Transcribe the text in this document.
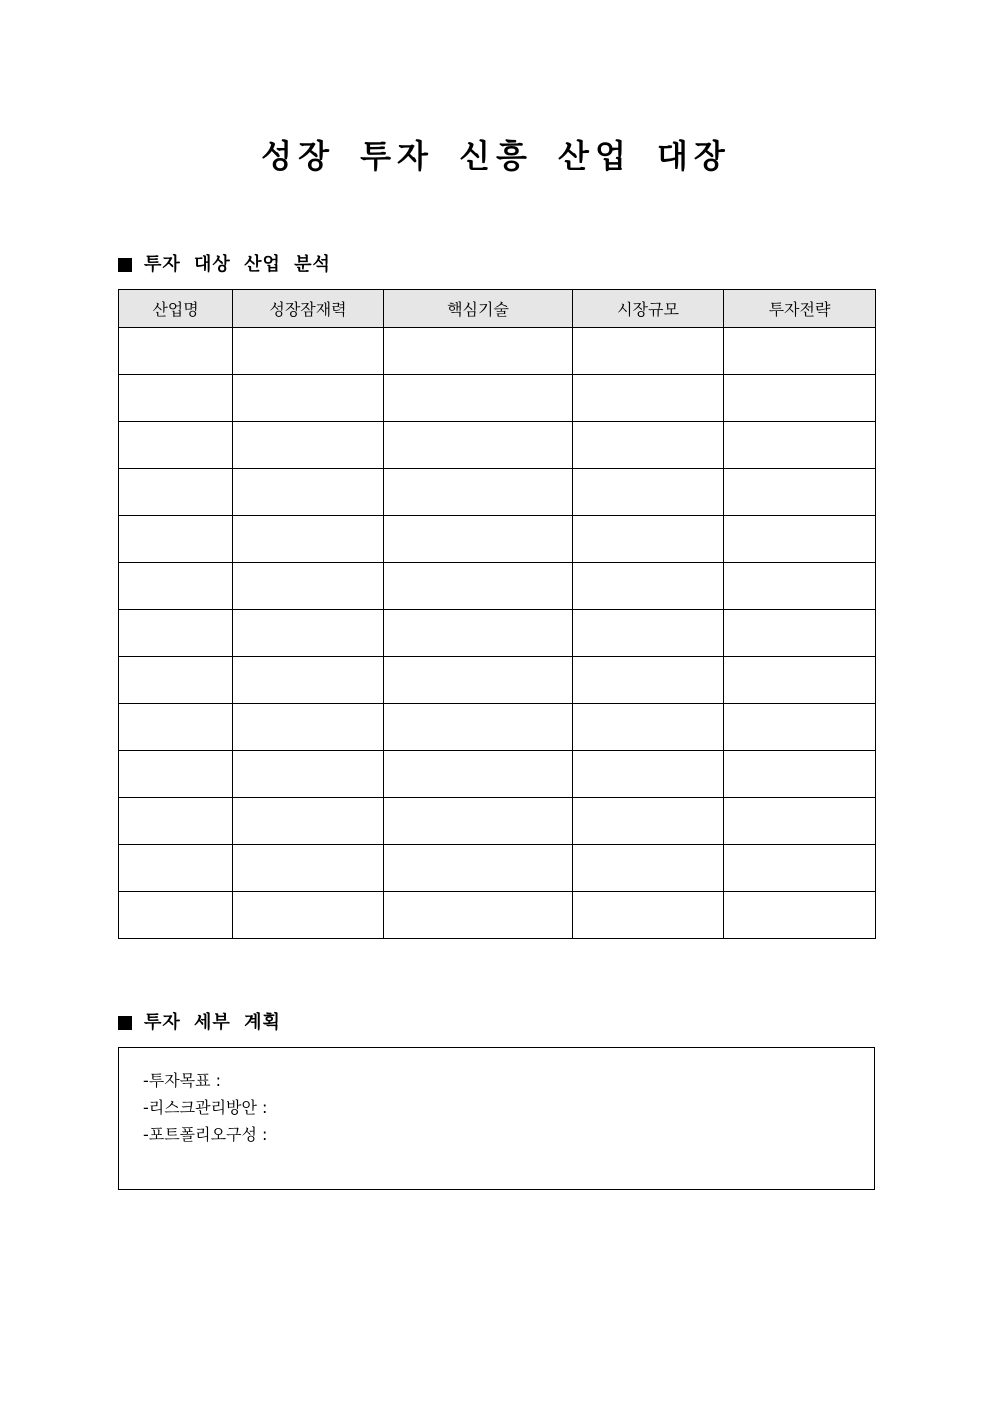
성장 투자 신흥 산업 대장
투자 대상 산업 분석
산업명	성장잠재력	핵심기술	시장규모	투자전략

투자 세부 계획
-투자목표 :
-리스크관리방안 :
-포트폴리오구성 :
